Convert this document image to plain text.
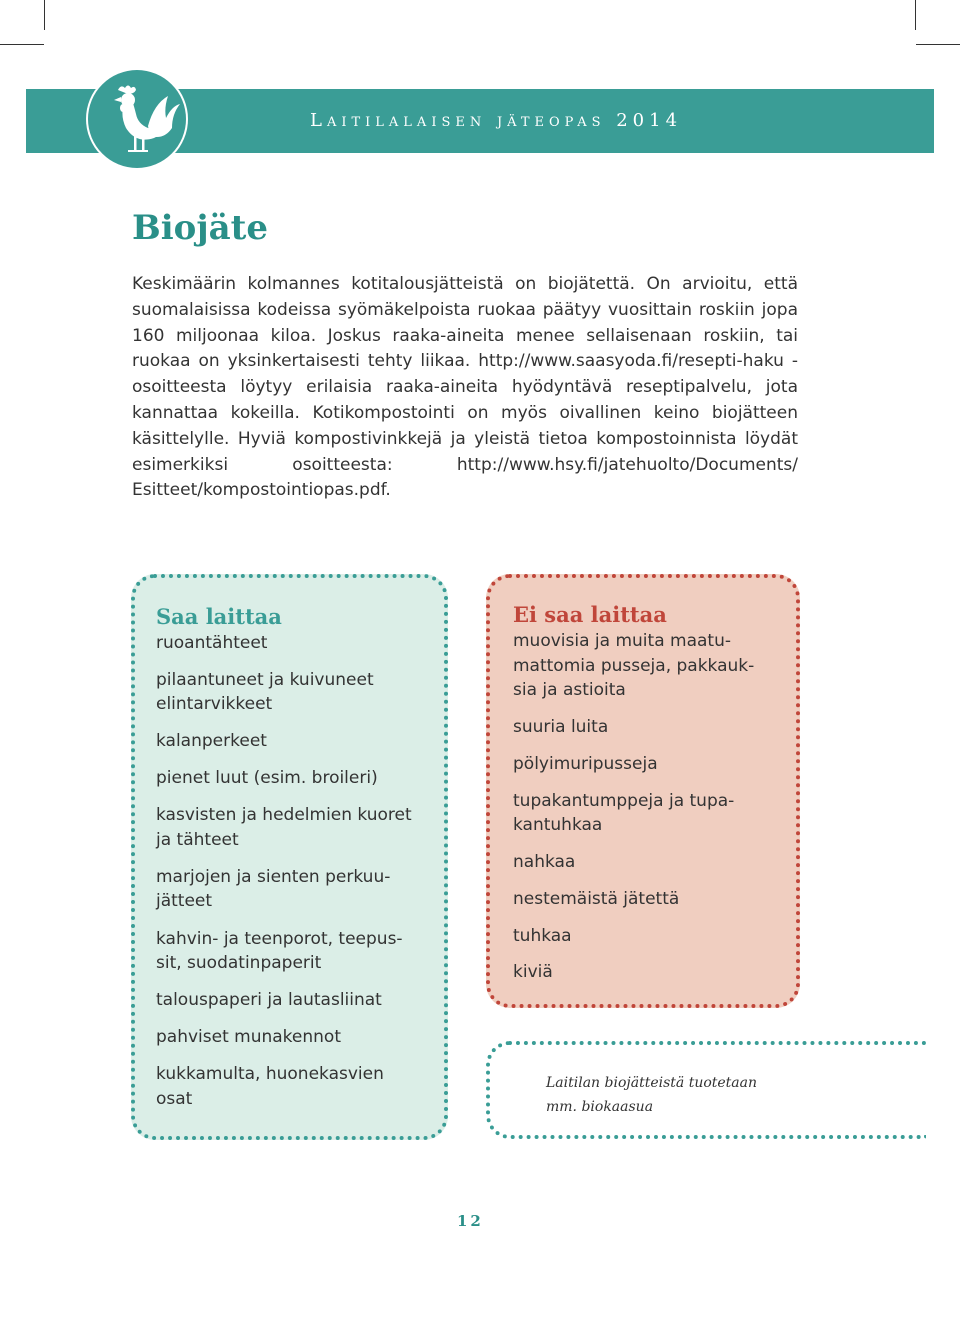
Laitilalaisen jäteopas 2014
Biojäte

Keskimäärin kolmannes kotitalousjätteistä on biojätettä. On arvioitu, että suomalaisissa kodeissa syömäkelpoista ruokaa päätyy vuosittain roskiin jopa 160 miljoonaa kiloa. Joskus raaka-aineita menee sellaisenaan roskiin, tai ruokaa on yksinkertaisesti tehty liikaa. http://www.saasyoda.fi/resepti-haku -osoitteesta löytyy erilaisia raaka-aineita hyödyntävä reseptipalvelu, jota kannattaa kokeilla. Kotikompostointi on myös oivallinen keino biojätteen käsittelylle. Hyviä kompostivinkkejä ja yleistä tietoa kompostoinnista löydät esimerkiksi osoitteesta: http://www.hsy.fi/jatehuolto/Documents/ Esitteet/kompostointiopas.pdf.

Saa laittaa
ruoantähteet
pilaantuneet ja kuivuneet
elintarvikkeet
kalanperkeet
pienet luut (esim. broileri)
kasvisten ja hedelmien kuoret
ja tähteet
marjojen ja sienten perkuu-
jätteet
kahvin- ja teenporot, teepus-
sit, suodatinpaperit
talouspaperi ja lautasliinat
pahviset munakennot
kukkamulta, huonekasvien
osat
Ei saa laittaa
muovisia ja muita maatu-
mattomia pusseja, pakkauk-
sia ja astioita
suuria luita
pölyimuripusseja
tupakantumppeja ja tupa-
kantuhkaa
nahkaa
nestemäistä jätettä
tuhkaa
kiviä
Laitilan biojätteistä tuotetaan
mm. biokaasua
12
